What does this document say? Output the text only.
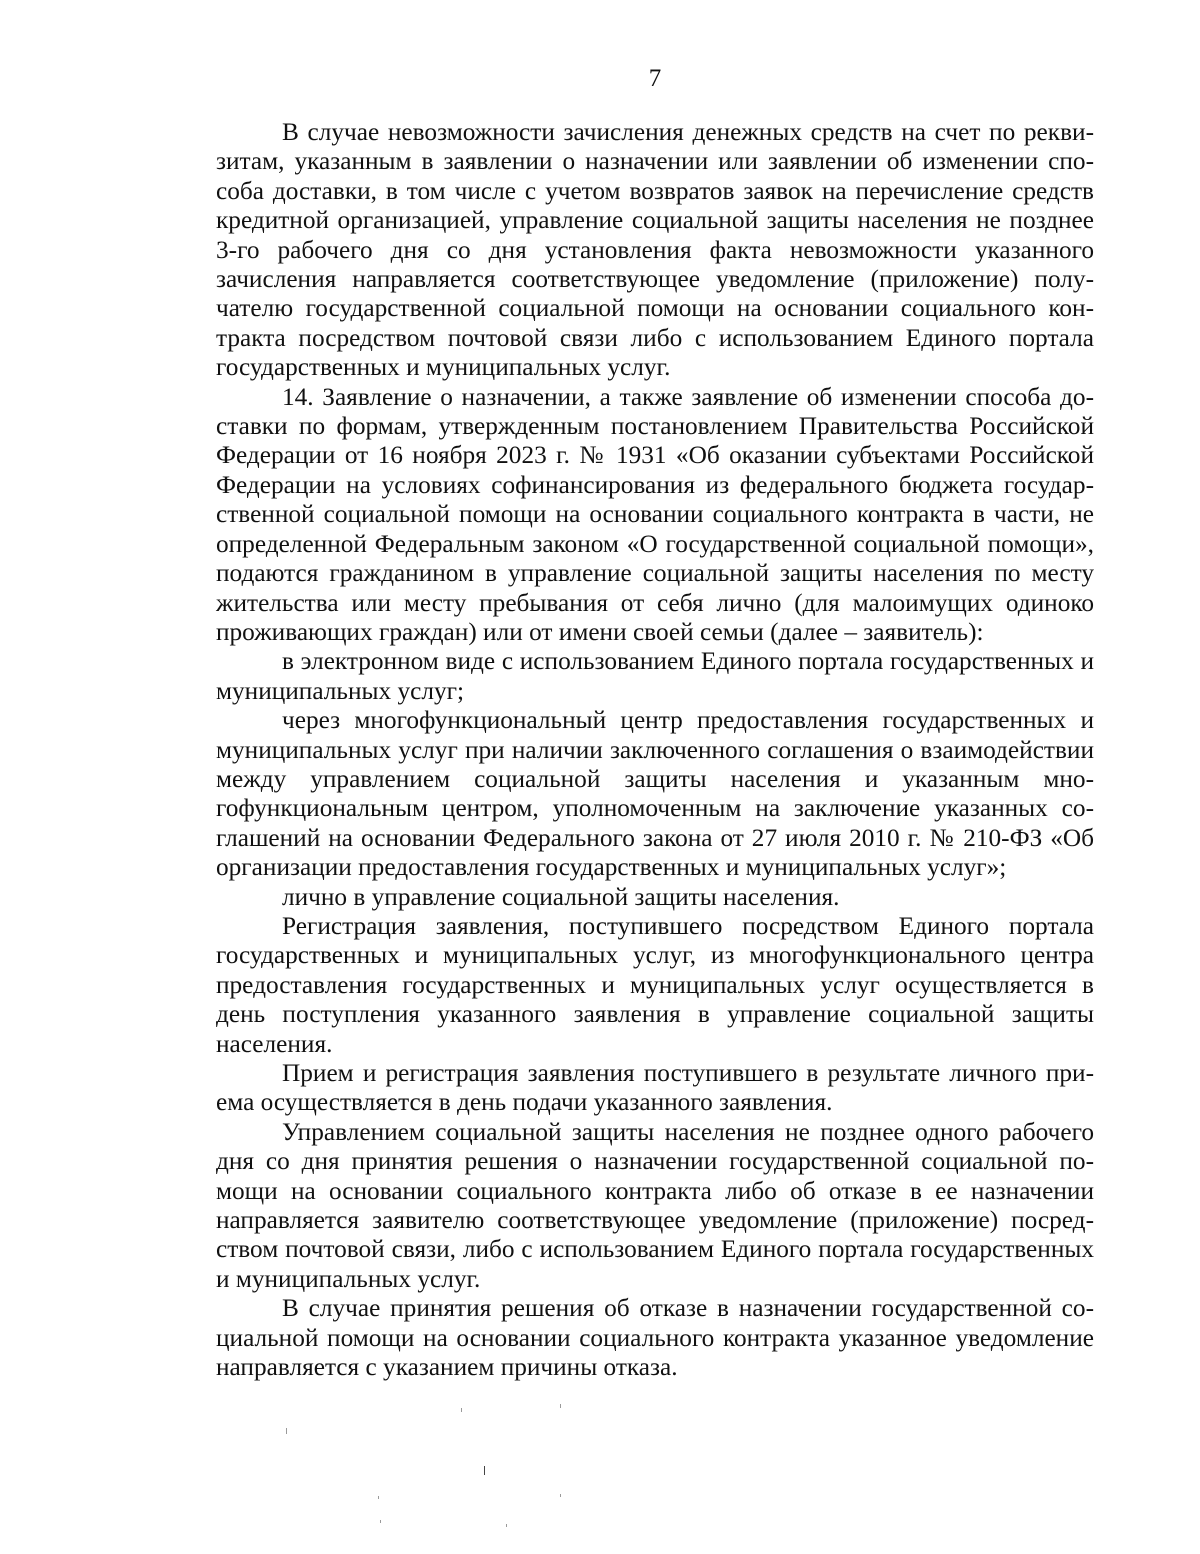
7

В случае невозможности зачисления денежных средств на счет по реквизитам, указанным в заявлении о назначении или заявлении об изменении способа доставки, в том числе с учетом возвратов заявок на перечисление средств кредитной организацией, управление социальной защиты населения не позднее 3-го рабочего дня со дня установления факта невозможности указанного зачисления направляется соответствующее уведомление (приложение) получателю государственной социальной помощи на основании социального контракта посредством почтовой связи либо с использованием Единого портала государственных и муниципальных услуг.

14. Заявление о назначении, а также заявление об изменении способа доставки по формам, утвержденным постановлением Правительства Российской Федерации от 16 ноября 2023 г. № 1931 «Об оказании субъектами Российской Федерации на условиях софинансирования из федерального бюджета государственной социальной помощи на основании социального контракта в части, не определенной Федеральным законом «О государственной социальной помощи», подаются гражданином в управление социальной защиты населения по месту жительства или месту пребывания от себя лично (для малоимущих одиноко проживающих граждан) или от имени своей семьи (далее – заявитель):

в электронном виде с использованием Единого портала государственных и муниципальных услуг;

через многофункциональный центр предоставления государственных и муниципальных услуг при наличии заключенного соглашения о взаимодействии между управлением социальной защиты населения и указанным многофункциональным центром, уполномоченным на заключение указанных соглашений на основании Федерального закона от 27 июля 2010 г. № 210-ФЗ «Об организации предоставления государственных и муниципальных услуг»;

лично в управление социальной защиты населения.

Регистрация заявления, поступившего посредством Единого портала государственных и муниципальных услуг, из многофункционального центра предоставления государственных и муниципальных услуг осуществляется в день поступления указанного заявления в управление социальной защиты населения.

Прием и регистрация заявления поступившего в результате личного приема осуществляется в день подачи указанного заявления.

Управлением социальной защиты населения не позднее одного рабочего дня со дня принятия решения о назначении государственной социальной помощи на основании социального контракта либо об отказе в ее назначении направляется заявителю соответствующее уведомление (приложение) посредством почтовой связи, либо с использованием Единого портала государственных и муниципальных услуг.

В случае принятия решения об отказе в назначении государственной социальной помощи на основании социального контракта указанное уведомление направляется с указанием причины отказа.
